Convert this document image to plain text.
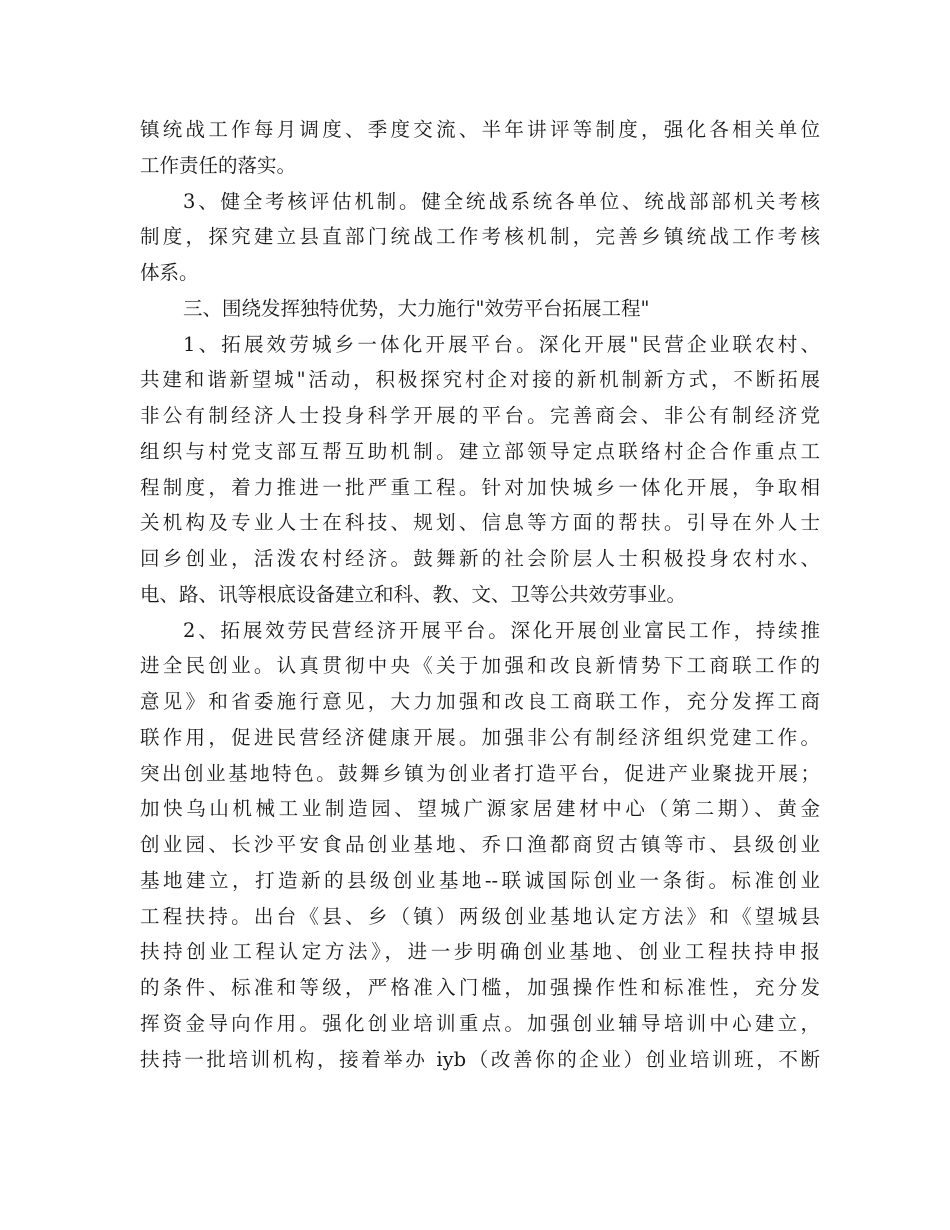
镇统战工作每月调度、季度交流、半年讲评等制度，强化各相关单位
工作责任的落实。
3、健全考核评估机制。健全统战系统各单位、统战部部机关考核
制度，探究建立县直部门统战工作考核机制，完善乡镇统战工作考核
体系。
三、围绕发挥独特优势，大力施行"效劳平台拓展工程"
1、拓展效劳城乡一体化开展平台。深化开展"民营企业联农村、
共建和谐新望城"活动，积极探究村企对接的新机制新方式，不断拓展
非公有制经济人士投身科学开展的平台。完善商会、非公有制经济党
组织与村党支部互帮互助机制。建立部领导定点联络村企合作重点工
程制度，着力推进一批严重工程。针对加快城乡一体化开展，争取相
关机构及专业人士在科技、规划、信息等方面的帮扶。引导在外人士
回乡创业，活泼农村经济。鼓舞新的社会阶层人士积极投身农村水、
电、路、讯等根底设备建立和科、教、文、卫等公共效劳事业。
2、拓展效劳民营经济开展平台。深化开展创业富民工作，持续推
进全民创业。认真贯彻中央《关于加强和改良新情势下工商联工作的
意见》和省委施行意见，大力加强和改良工商联工作，充分发挥工商
联作用，促进民营经济健康开展。加强非公有制经济组织党建工作。
突出创业基地特色。鼓舞乡镇为创业者打造平台，促进产业聚拢开展；
加快乌山机械工业制造园、望城广源家居建材中心（第二期）、黄金
创业园、长沙平安食品创业基地、乔口渔都商贸古镇等市、县级创业
基地建立，打造新的县级创业基地--联诚国际创业一条街。标准创业
工程扶持。出台《县、乡（镇）两级创业基地认定方法》和《望城县
扶持创业工程认定方法》，进一步明确创业基地、创业工程扶持申报
的条件、标准和等级，严格准入门槛，加强操作性和标准性，充分发
挥资金导向作用。强化创业培训重点。加强创业辅导培训中心建立，
扶持一批培训机构，接着举办 iyb（改善你的企业）创业培训班，不断
